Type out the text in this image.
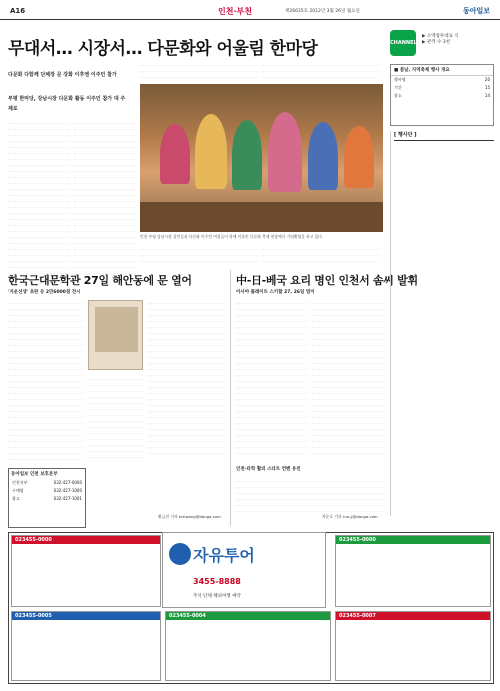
A16	인천·부천	제26635호 2012년 3월 26일 월요일	동아일보
무대서… 시장서… 다문화와 어울림 한마당	CHANNEL
▶ 소액창투대표 식
▶ 관객 수 3천
■ 봄날, 지역축제 행사 개요
행사명	20
기간	15
장소	14
다문화 다함께 단체장 문 강화 이후엔 이주민 참가
부평 한마당, 강남시장 다문화 활동 이주민 참가 대 주제로
인천 부평 강남시장 상인들과 다문화 이주민 여성들이 함께 어울린 다문화 축제 현장에서 기념촬영을 하고 있다.
한국근대문학관 27일 해안동에 문 열어
'지운선생' 초판 등 2만6000점 전시
황금천 기자 kchwang@donga.com
동아일보 인천 보호본부
인천지부	032-427-0000
구매팀	032-427-1000
광고	032-427-1001
中-日-베국 요리 명인 인천서 솜씨 발휘
이사야 플레이트 스키할 27, 26일 법이
인천-타학 활의 스타트 컨벤 유친
차준호 기자 run-jj@donga.com
[ 행사단 ]
023455-0000	023455-0000
023455-0005	023455-0004	023455-0007
자유투어
3455-8888
추석 단체 해외여행 예약
